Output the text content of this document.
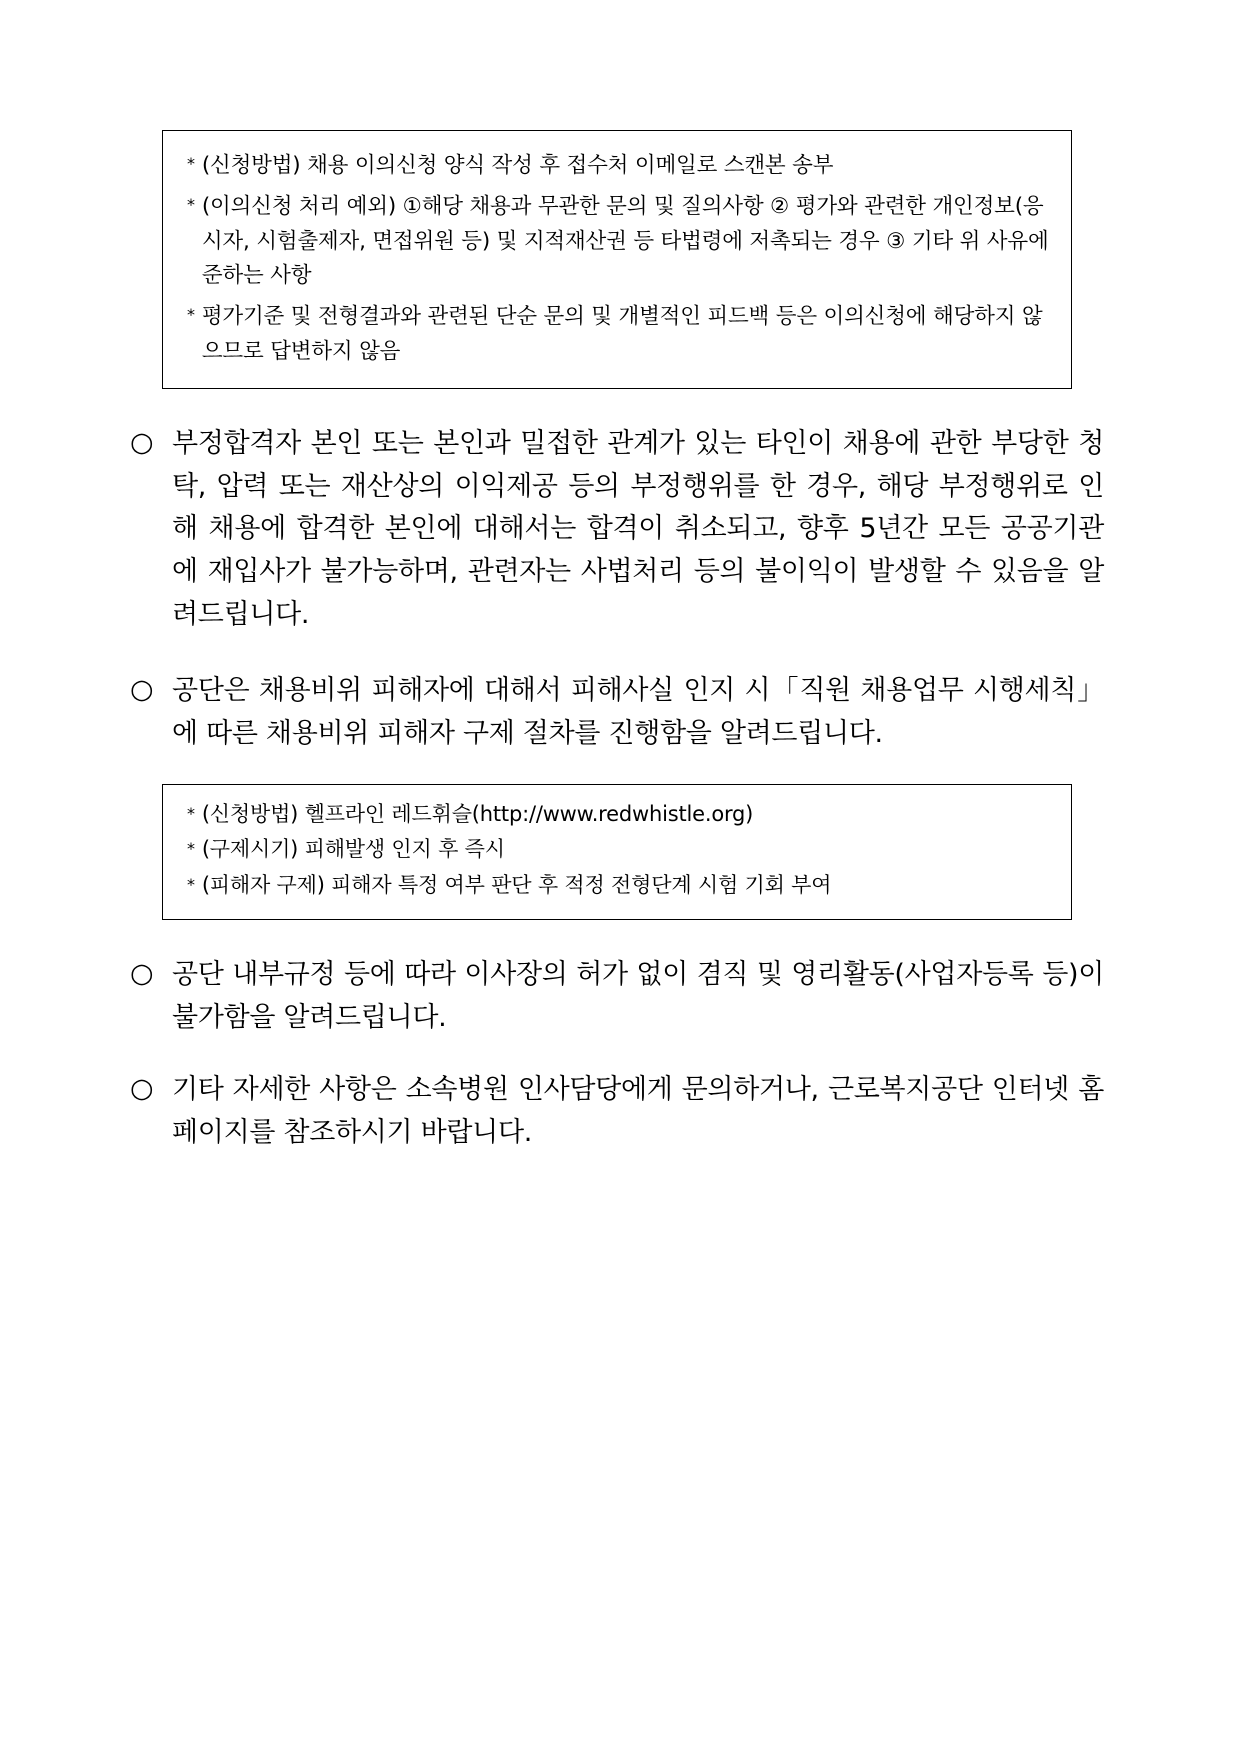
* (신청방법) 채용 이의신청 양식 작성 후 접수처 이메일로 스캔본 송부
* (이의신청 처리 예외) ①해당 채용과 무관한 문의 및 질의사항 ② 평가와 관련한 개인정보(응시자, 시험출제자, 면접위원 등) 및 지적재산권 등 타법령에 저촉되는 경우 ③ 기타 위 사유에 준하는 사항
* 평가기준 및 전형결과와 관련된 단순 문의 및 개별적인 피드백 등은 이의신청에 해당하지 않으므로 답변하지 않음
○ 부정합격자 본인 또는 본인과 밀접한 관계가 있는 타인이 채용에 관한 부당한 청탁, 압력 또는 재산상의 이익제공 등의 부정행위를 한 경우, 해당 부정행위로 인해 채용에 합격한 본인에 대해서는 합격이 취소되고, 향후 5년간 모든 공공기관에 재입사가 불가능하며, 관련자는 사법처리 등의 불이익이 발생할 수 있음을 알려드립니다.
○ 공단은 채용비위 피해자에 대해서 피해사실 인지 시「직원 채용업무 시행세칙」에 따른 채용비위 피해자 구제 절차를 진행함을 알려드립니다.
* (신청방법) 헬프라인 레드휘슬(http://www.redwhistle.org)
* (구제시기) 피해발생 인지 후 즉시
* (피해자 구제) 피해자 특정 여부 판단 후 적정 전형단계 시험 기회 부여
○ 공단 내부규정 등에 따라 이사장의 허가 없이 겸직 및 영리활동(사업자등록 등)이 불가함을 알려드립니다.
○ 기타 자세한 사항은 소속병원 인사담당에게 문의하거나, 근로복지공단 인터넷 홈페이지를 참조하시기 바랍니다.
